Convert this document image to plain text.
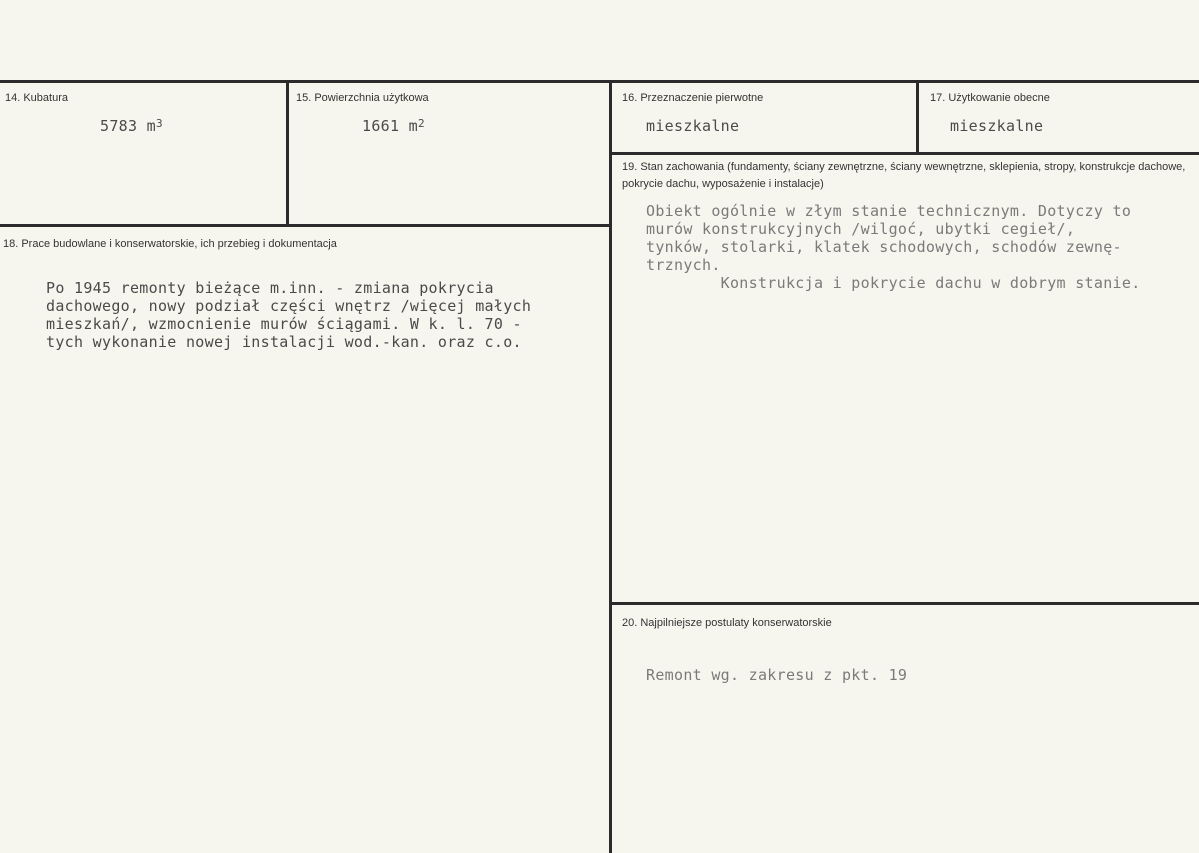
14. Kubatura
5783 $m^3$
15. Powierzchnia użytkowa
1661 $m^2$
16. Przeznaczenie pierwotne
mieszkalne
17. Użytkowanie obecne
mieszkalne
18. Prace budowlane i konserwatorskie, ich przebieg i dokumentacja
Po 1945 remonty bieżące m.inn. - zmiana pokrycia
dachowego, nowy podział części wnętrz /więcej małych
mieszkań/, wzmocnienie murów ściągami. W k. l. 70 -
tych wykonanie nowej instalacji wod.-kan. oraz c.o.
19. Stan zachowania (fundamenty, ściany zewnętrzne, ściany wewnętrzne, sklepienia, stropy, konstrukcje dachowe, pokrycie dachu, wyposażenie i instalacje)
Obiekt ogólnie w złym stanie technicznym. Dotyczy to
murów konstrukcyjnych /wilgoć, ubytki cegieł/,
tynków, stolarki, klatek schodowych, schodów zewnę-
trznych.
Konstrukcja i pokrycie dachu w dobrym stanie.
20. Najpilniejsze postulaty konserwatorskie
Remont wg. zakresu z pkt. 19
